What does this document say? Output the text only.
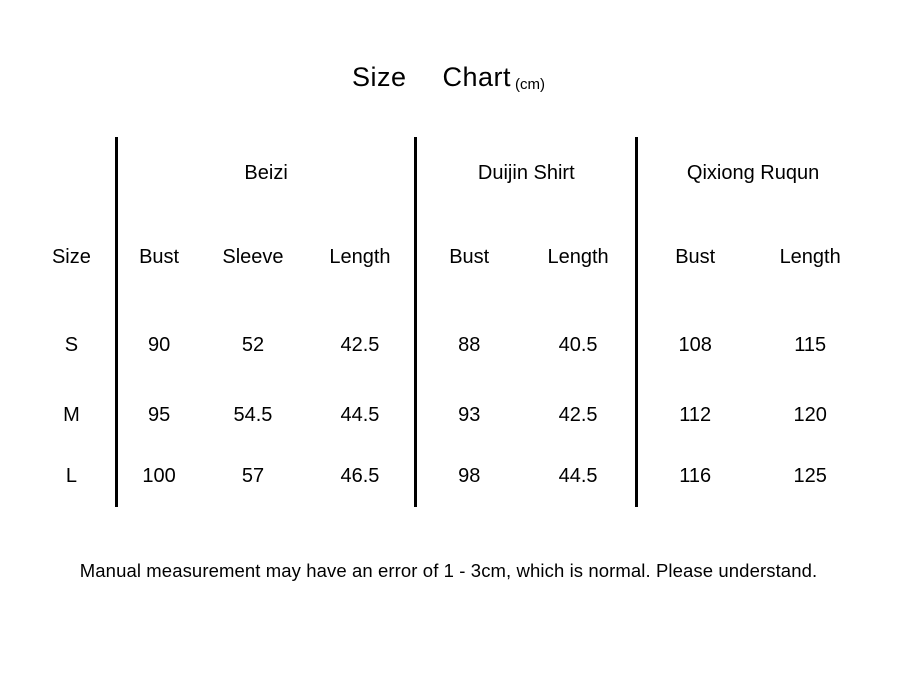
Size Chart (cm)
	Beizi			Duijin Shirt		Qixiong Ruqun	
Size	Bust	Sleeve	Length	Bust	Length	Bust	Length
S	90	52	42.5	88	40.5	108	115
M	95	54.5	44.5	93	42.5	112	120
L	100	57	46.5	98	44.5	116	125
Manual measurement may have an error of 1 - 3cm, which is normal. Please understand.
